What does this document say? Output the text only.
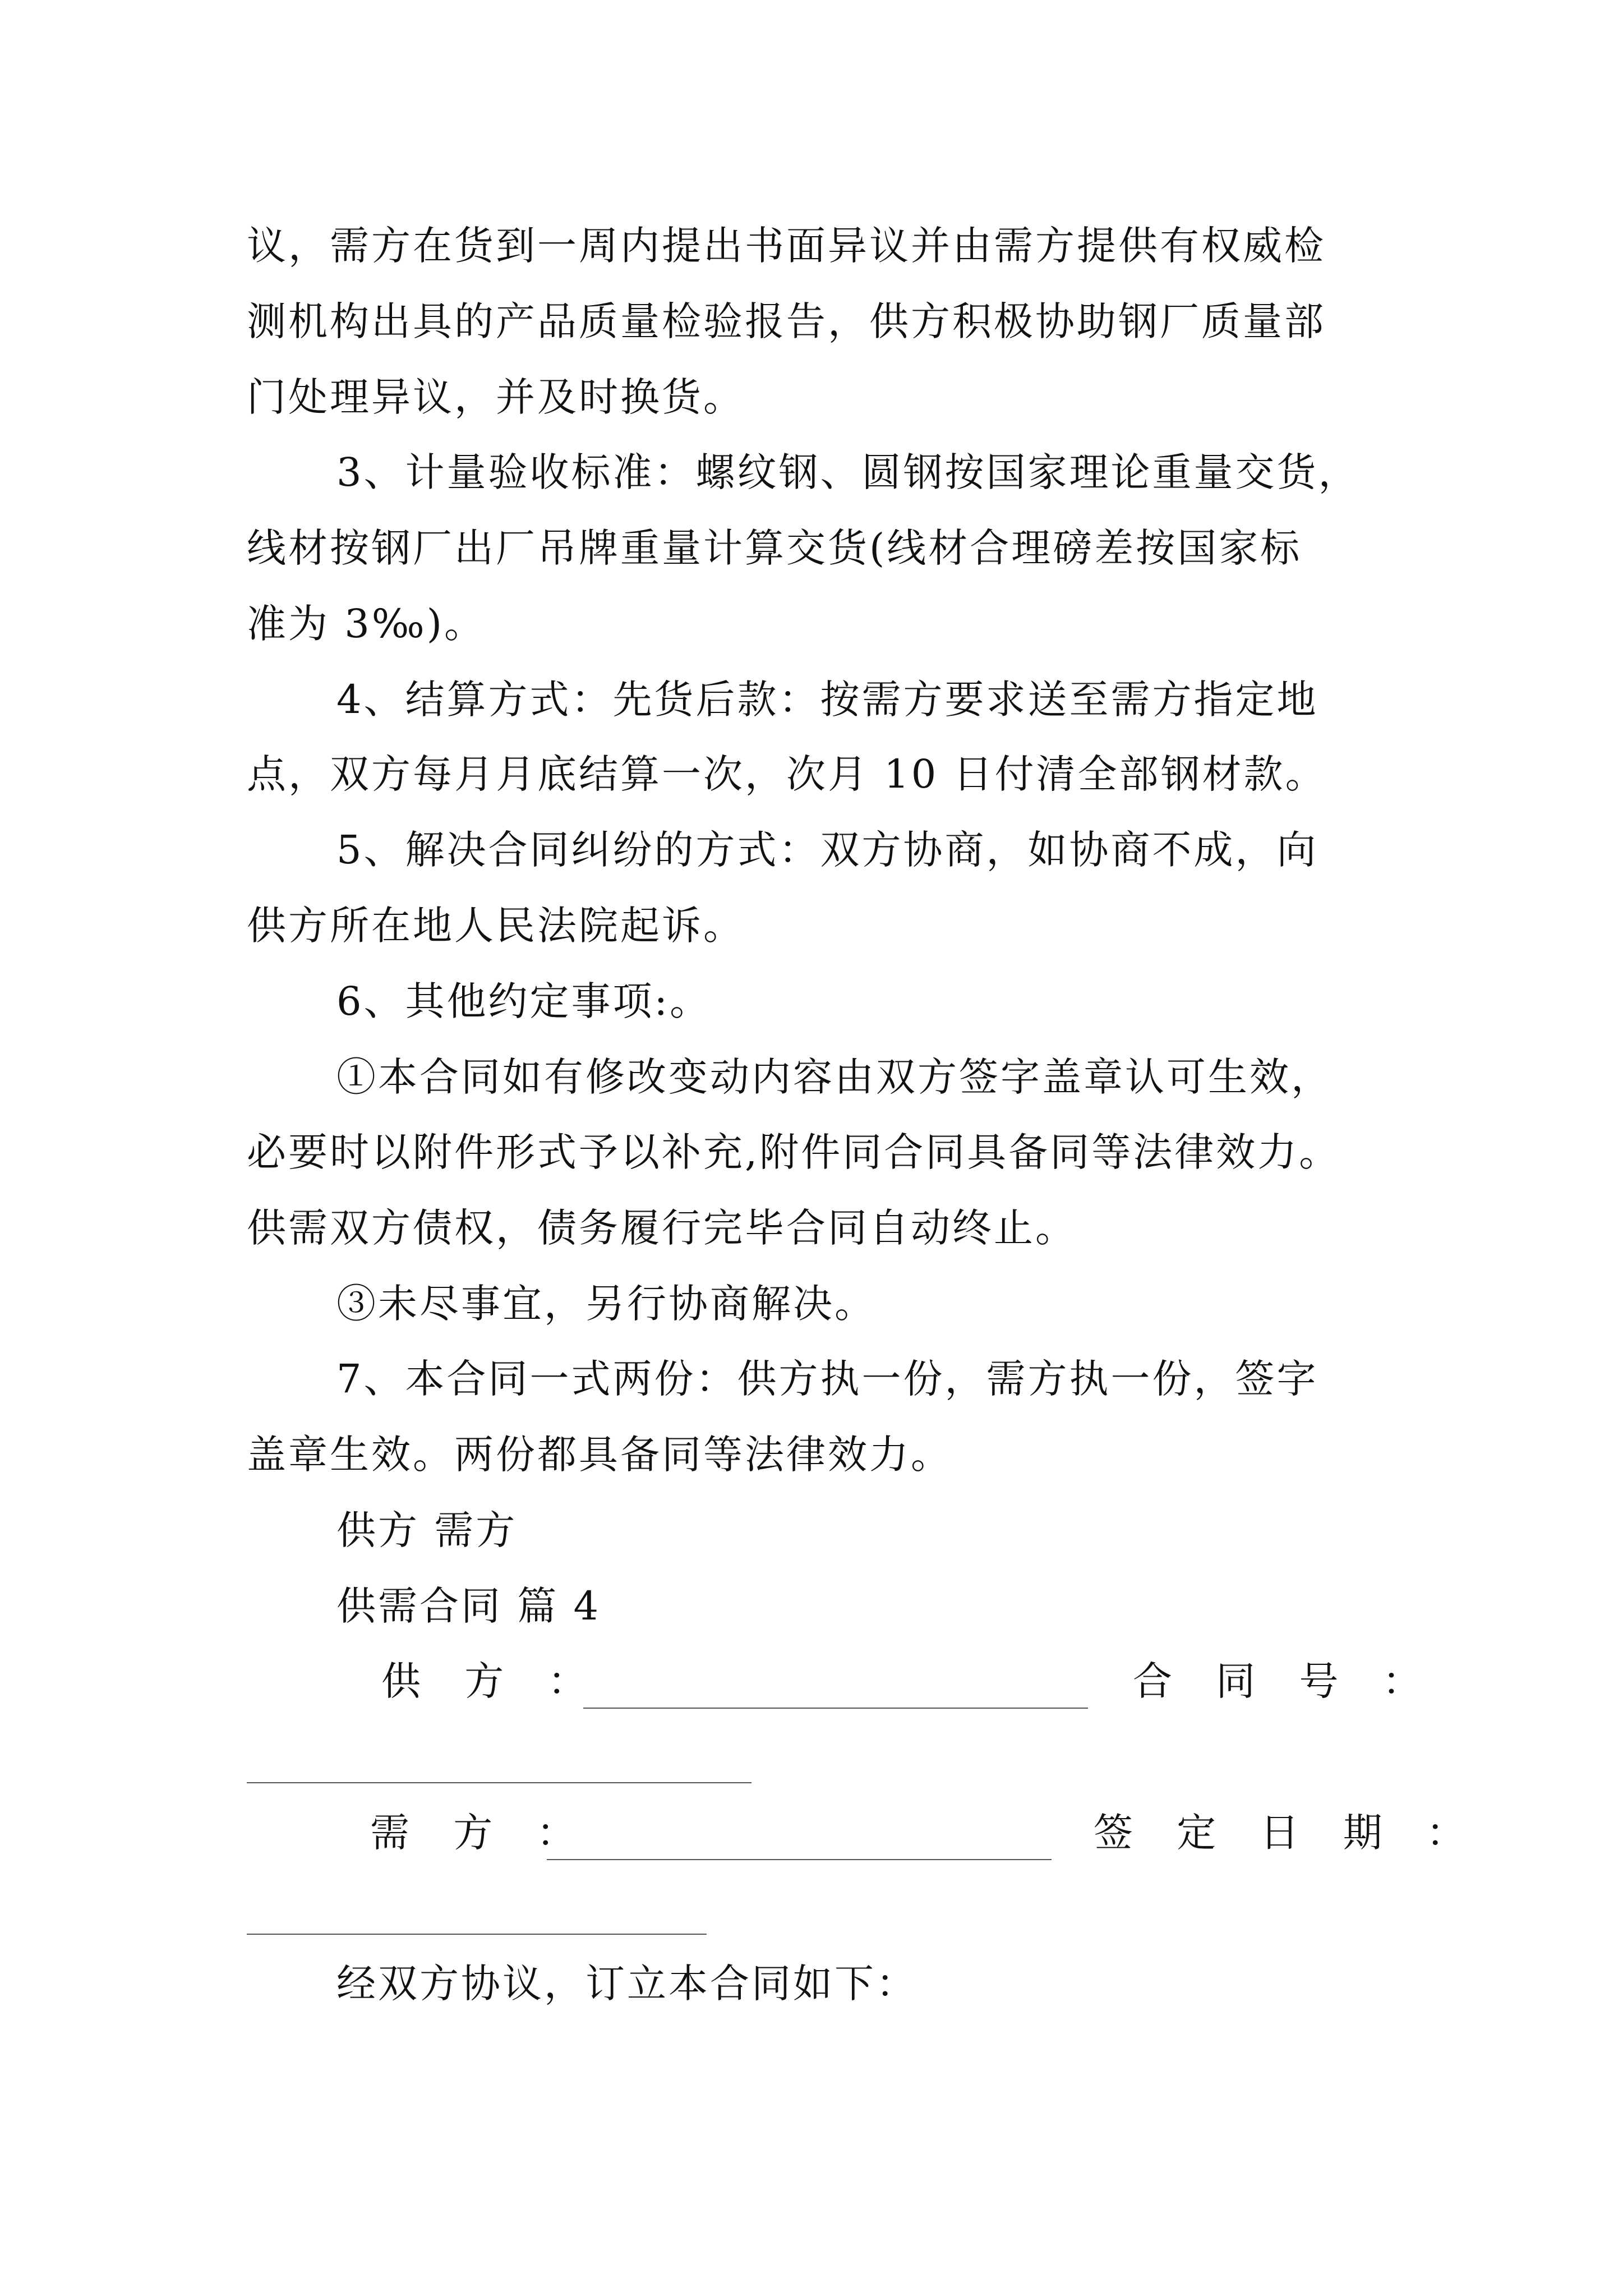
议，需方在货到一周内提出书面异议并由需方提供有权威检
测机构出具的产品质量检验报告，供方积极协助钢厂质量部
门处理异议，并及时换货。
3、计量验收标准：螺纹钢、圆钢按国家理论重量交货，
线材按钢厂出厂吊牌重量计算交货(线材合理磅差按国家标
准为 3‰)。
4、结算方式：先货后款：按需方要求送至需方指定地
点，双方每月月底结算一次，次月 10 日付清全部钢材款。
5、解决合同纠纷的方式：双方协商，如协商不成，向
供方所在地人民法院起诉。
6、其他约定事项:。
①本合同如有修改变动内容由双方签字盖章认可生效，
必要时以附件形式予以补充,附件同合同具备同等法律效力。
供需双方债权，债务履行完毕合同自动终止。
③未尽事宜，另行协商解决。
7、本合同一式两份：供方执一份，需方执一份，签字
盖章生效。两份都具备同等法律效力。
供方 需方
供需合同 篇 4
供 方 ：	合 同 号 ：
需 方 ：	签 定 日 期 ：
经双方协议，订立本合同如下：
